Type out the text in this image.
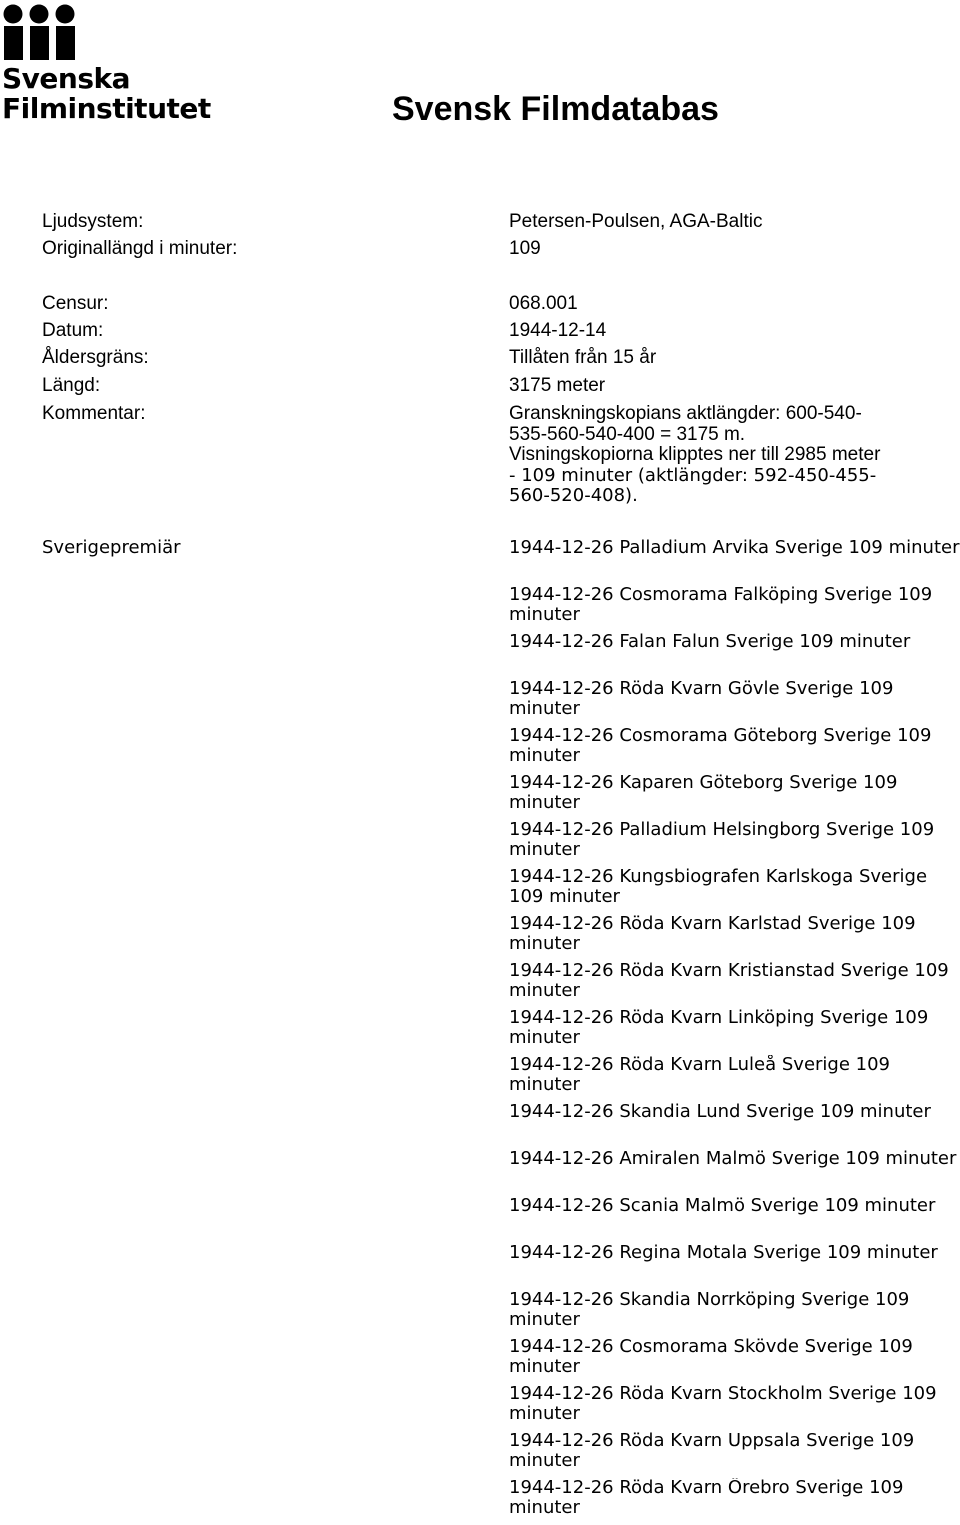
Svenska
Filminstitutet	Svensk Filmdatabas
Ljudsystem:	Petersen-Poulsen, AGA-Baltic
Originallängd i minuter:	109
Censur:	068.001
Datum:	1944-12-14
Åldersgräns:	Tillåten från 15 år
Längd:	3175 meter
Kommentar:	Granskningskopians aktlängder: 600-540-
535-560-540-400 = 3175 m.
Visningskopiorna klipptes ner till 2985 meter
- 109 minuter (aktlängder: 592-450-455-
560-520-408).
Sverigepremiär	1944-12-26 Palladium Arvika Sverige 109 minuter
1944-12-26 Cosmorama Falköping Sverige 109 minuter
1944-12-26 Falan Falun Sverige 109 minuter
1944-12-26 Röda Kvarn Gövle Sverige 109 minuter
1944-12-26 Cosmorama Göteborg Sverige 109 minuter
1944-12-26 Kaparen Göteborg Sverige 109 minuter
1944-12-26 Palladium Helsingborg Sverige 109 minuter
1944-12-26 Kungsbiografen Karlskoga Sverige 109 minuter
1944-12-26 Röda Kvarn Karlstad Sverige 109 minuter
1944-12-26 Röda Kvarn Kristianstad Sverige 109 minuter
1944-12-26 Röda Kvarn Linköping Sverige 109 minuter
1944-12-26 Röda Kvarn Luleå Sverige 109 minuter
1944-12-26 Skandia Lund Sverige 109 minuter
1944-12-26 Amiralen Malmö Sverige 109 minuter
1944-12-26 Scania Malmö Sverige 109 minuter
1944-12-26 Regina Motala Sverige 109 minuter
1944-12-26 Skandia Norrköping Sverige 109 minuter
1944-12-26 Cosmorama Skövde Sverige 109 minuter
1944-12-26 Röda Kvarn Stockholm Sverige 109 minuter
1944-12-26 Röda Kvarn Uppsala Sverige 109 minuter
1944-12-26 Röda Kvarn Örebro Sverige 109 minuter
